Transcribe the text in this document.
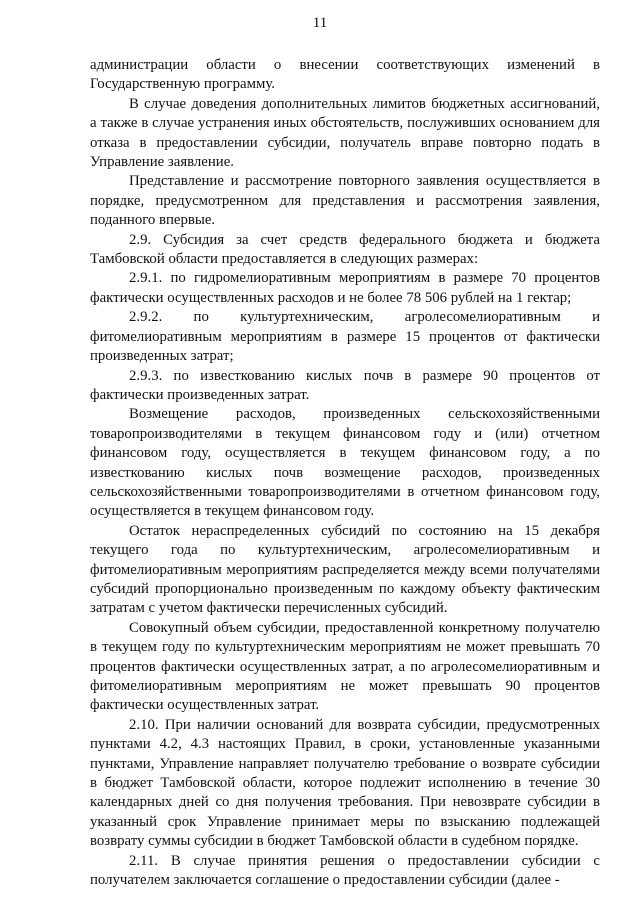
11

администрации области о внесении соответствующих изменений в Государственную программу.

В случае доведения дополнительных лимитов бюджетных ассигнований, а также в случае устранения иных обстоятельств, послуживших основанием для отказа в предоставлении субсидии, получатель вправе повторно подать в Управление заявление.

Представление и рассмотрение повторного заявления осуществляется в порядке, предусмотренном для представления и рассмотрения заявления, поданного впервые.

2.9. Субсидия за счет средств федерального бюджета и бюджета Тамбовской области предоставляется в следующих размерах:

2.9.1. по гидромелиоративным мероприятиям в размере 70 процентов фактически осуществленных расходов и не более 78 506 рублей на 1 гектар;

2.9.2. по культуртехническим, агролесомелиоративным и фитомелиоративным мероприятиям в размере 15 процентов от фактически произведенных затрат;

2.9.3. по известкованию кислых почв в размере 90 процентов от фактически произведенных затрат.

Возмещение расходов, произведенных сельскохозяйственными товаропроизводителями в текущем финансовом году и (или) отчетном финансовом году, осуществляется в текущем финансовом году, а по известкованию кислых почв возмещение расходов, произведенных сельскохозяйственными товаропроизводителями в отчетном финансовом году, осуществляется в текущем финансовом году.

Остаток нераспределенных субсидий по состоянию на 15 декабря текущего года по культуртехническим, агролесомелиоративным и фитомелиоративным мероприятиям распределяется между всеми получателями субсидий пропорционально произведенным по каждому объекту фактическим затратам с учетом фактически перечисленных субсидий.

Совокупный объем субсидии, предоставленной конкретному получателю в текущем году по культуртехническим мероприятиям не может превышать 70 процентов фактически осуществленных затрат, а по агролесомелиоративным и фитомелиоративным мероприятиям не может превышать 90 процентов фактически осуществленных затрат.

2.10. При наличии оснований для возврата субсидии, предусмотренных пунктами 4.2, 4.3 настоящих Правил, в сроки, установленные указанными пунктами, Управление направляет получателю требование о возврате субсидии в бюджет Тамбовской области, которое подлежит исполнению в течение 30 календарных дней со дня получения требования. При невозврате субсидии в указанный срок Управление принимает меры по взысканию подлежащей возврату суммы субсидии в бюджет Тамбовской области в судебном порядке.

2.11. В случае принятия решения о предоставлении субсидии с получателем заключается соглашение о предоставлении субсидии (далее -
